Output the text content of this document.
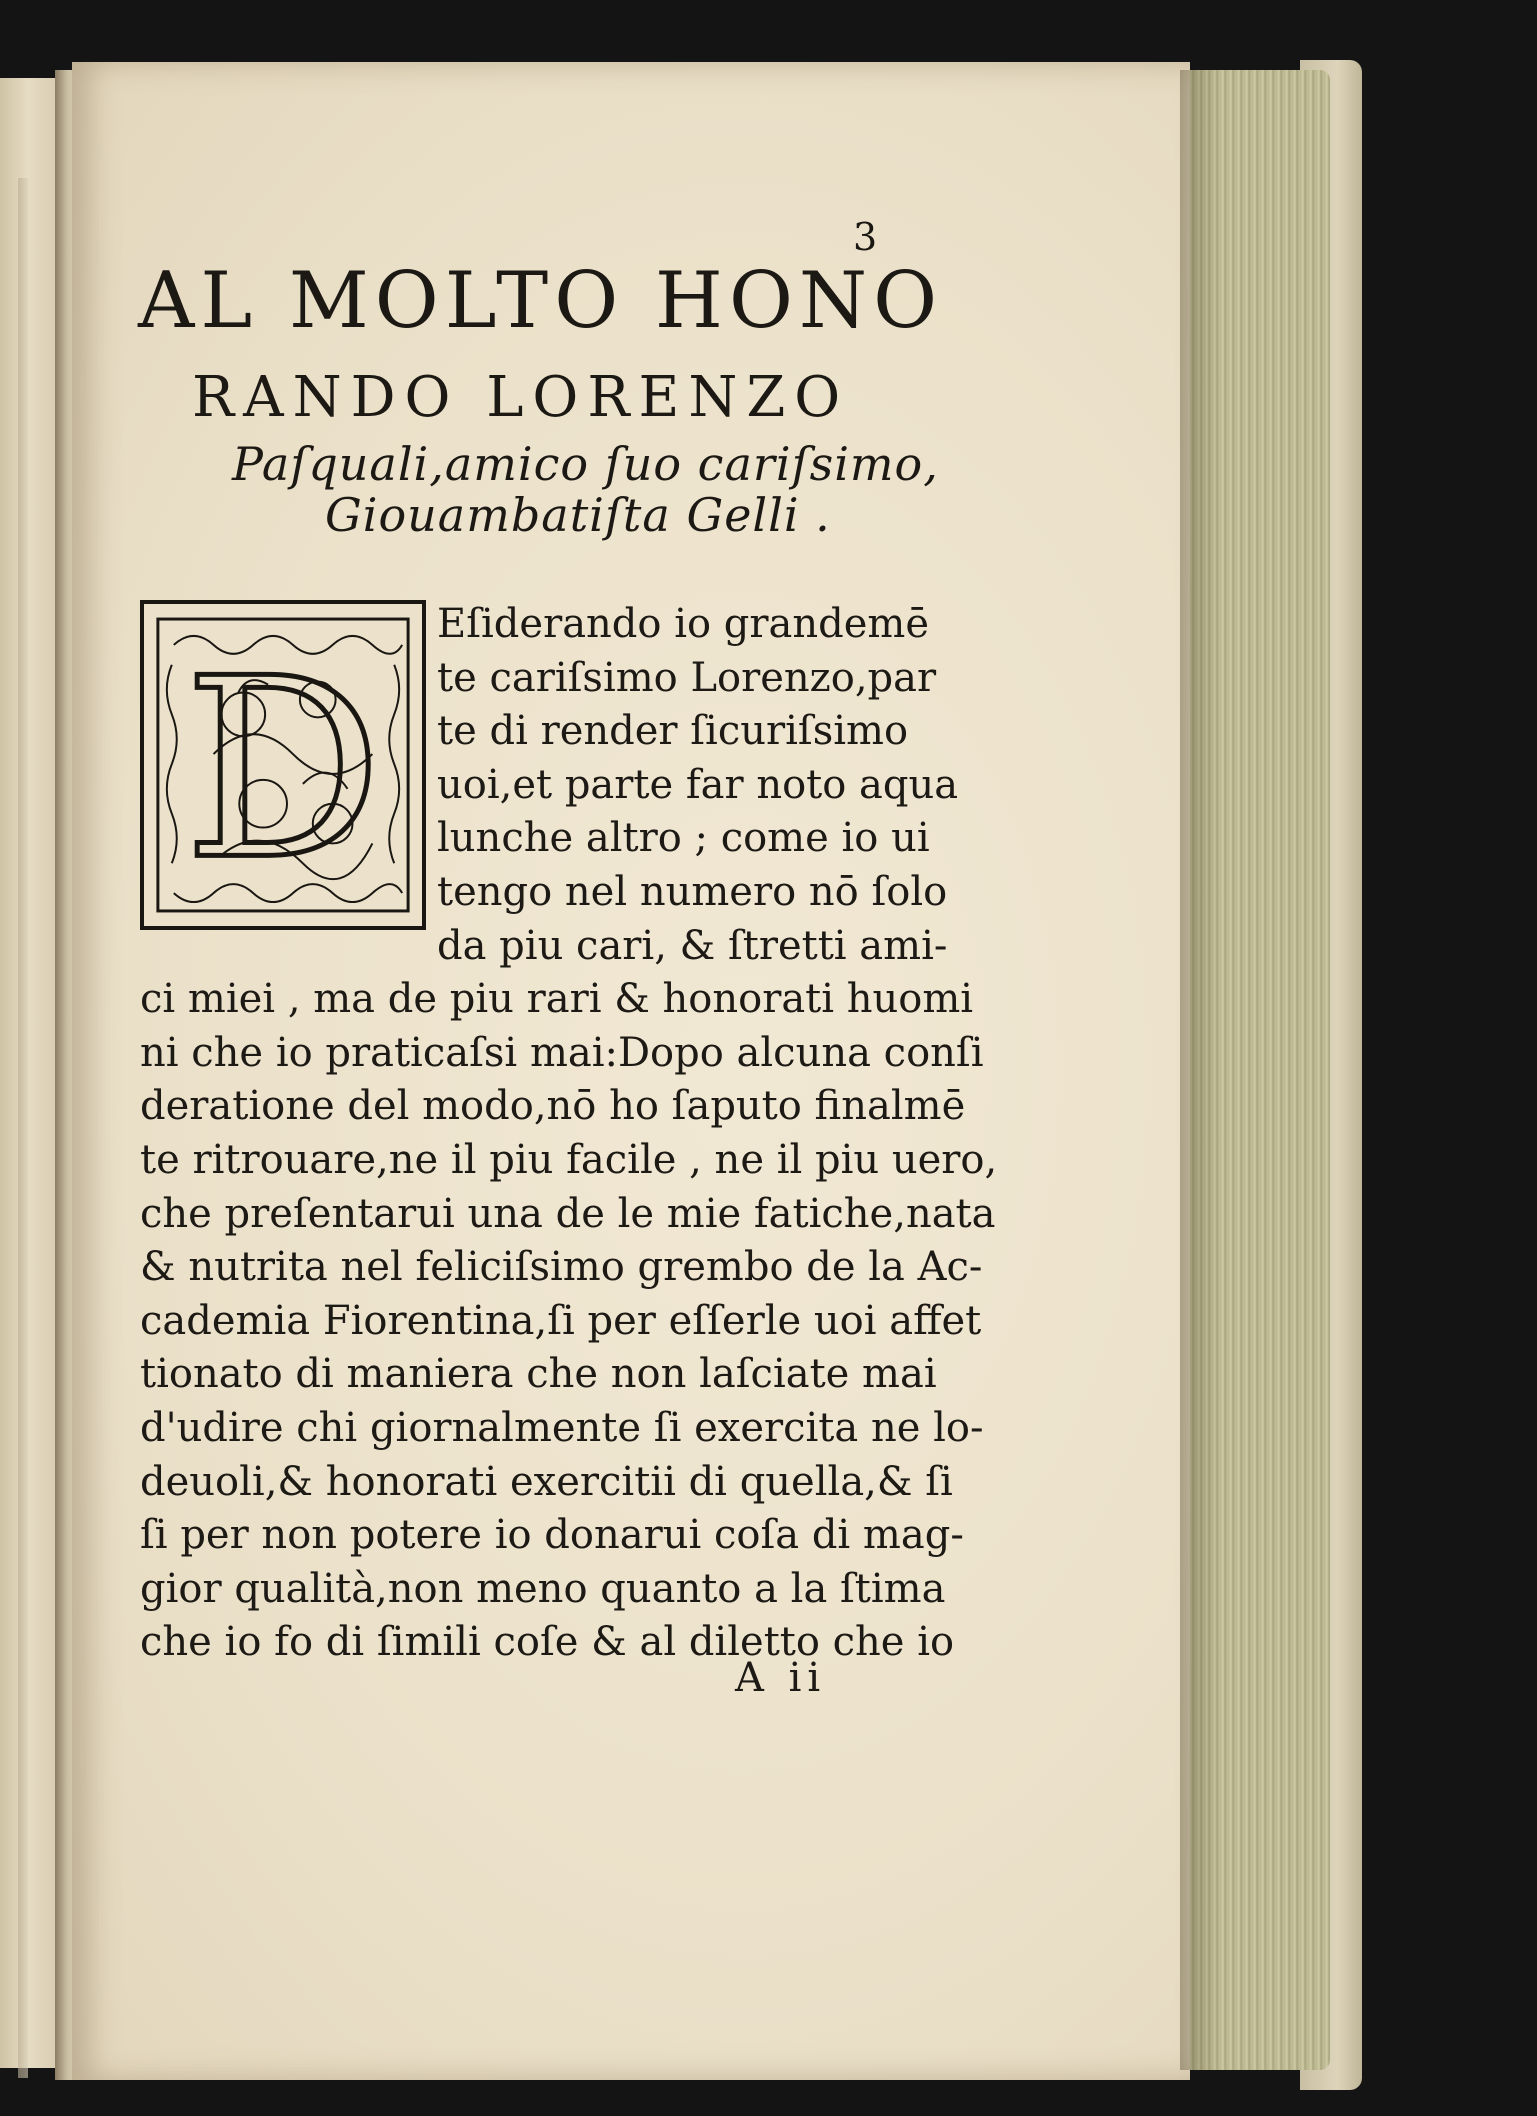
3
AL MOLTO HONO
RANDO LORENZO
Paſquali,amico ſuo cariſsimo,
Giouambatiſta Gelli .
D
Eſiderando io grandemē
te cariſsimo Lorenzo,par
te di render ſicuriſsimo
uoi,et parte far noto aqua
lunche altro ; come io ui
tengo nel numero nō ſolo
da piu cari, & ſtretti ami-
ci miei , ma de piu rari & honorati huomi
ni che io praticaſsi mai:Dopo alcuna conſi
deratione del modo,nō ho ſaputo finalmē
te ritrouare,ne il piu facile , ne il piu uero,
che preſentarui una de le mie fatiche,nata
& nutrita nel feliciſsimo grembo de la Ac-
cademia Fiorentina,ſi per eſſerle uoi affet
tionato di maniera che non laſciate mai
d'udire chi giornalmente ſi exercita ne lo-
deuoli,& honorati exercitii di quella,& ſi
ſi per non potere io donarui coſa di mag-
gior qualità,non meno quanto a la ſtima
che io fo di ſimili coſe & al diletto che io
A ii
